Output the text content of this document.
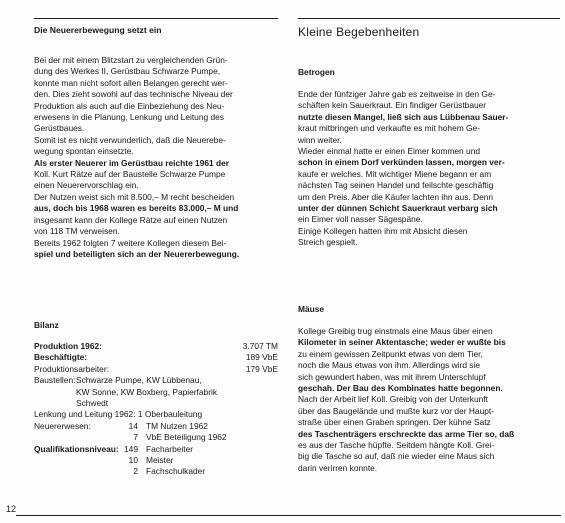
Die Neuererbewegung setzt ein

Bei der mit einem Blitzstart zu vergleichenden Grün-

dung des Werkes II, Gerüstbau Schwarze Pumpe,

konnte man nicht sofort allen Belangen gerecht wer-

den. Dies zieht sowohl auf das technische Niveau der

Produktion als auch auf die Einbeziehung des Neu-

erwesens in die Planung, Lenkung und Leitung des

Gerüstbaues.

Somit ist es nicht verwunderlich, daß die Neuerebe-

wegung spontan einsetzte.

Als erster Neuerer im Gerüstbau reichte 1961 der

Koll. Kurt Rätze auf der Baustelle Schwarze Pumpe

einen Neuerervorschlag ein.

Der Nutzen weist sich mit 8.500,– M recht bescheiden

aus, doch bis 1968 waren es bereits 83.000,– M und

insgesamt kann der Kollege Rätze auf einen Nutzen

von 118 TM verweisen.

Bereits 1962 folgten 7 weitere Kollegen diesem Bei-

spiel und beteiligten sich an der Neuererbewegung.

Bilanz
Produktion 1962:	3.707 TM
Beschäftigte:	189 VbE
Produktionsarbeiter:	179 VbE
Baustellen: Schwarze Pumpe, KW Lübbenau,
KW Sonne, KW Boxberg, Papierfabrik
Schwedt
Lenkung und Leitung 1962: 1 Oberbauleitung
Neuererwesen:	14 TM Nutzen 1962
7 VbE Beteiligung 1962
Qualifikationsniveau: 149 Facharbeiter
10 Meister
2 Fachschulkader
Kleine Begebenheiten
Betrogen

Ende der fünfziger Jahre gab es zeitweise in den Ge-

schäften kein Sauerkraut. Ein findiger Gerüstbauer

nutzte diesen Mangel, ließ sich aus Lübbenau Sauer-

kraut mitbringen und verkaufte es mit hohem Ge-

winn weiter.

Wieder einmal hatte er einen Eimer kommen und

schon in einem Dorf verkünden lassen, morgen ver-

kaufe er welches. Mit wichtiger Miene begann er am

nächsten Tag seinen Handel und feilschte geschäftig

um den Preis. Aber die Käufer lachten ihn aus. Denn

unter der dünnen Schicht Sauerkraut verbarg sich

ein Eimer voll nasser Sägespäne.

Einige Kollegen hatten ihm mit Absicht diesen

Streich gespielt.

Mäuse

Kollege Greibig trug einstmals eine Maus über einen

Kilometer in seiner Aktentasche; weder er wußte bis

zu einem gewissen Zeitpunkt etwas von dem Tier,

noch die Maus etwas von ihm. Allerdings wird sie

sich gewundert haben, was mit ihrem Unterschlupf

geschah. Der Bau des Kombinates hatte begonnen.

Nach der Arbeit lief Koll. Greibig von der Unterkunft

über das Baugelände und mußte kurz vor der Haupt-

straße über einen Graben springen. Der kühne Satz

des Taschenträgers erschreckte das arme Tier so, daß

es aus der Tasche hüpfte. Seitdem hängte Koll. Grei-

big die Tasche so auf, daß nie wieder eine Maus sich

darin verirren konnte.

12
